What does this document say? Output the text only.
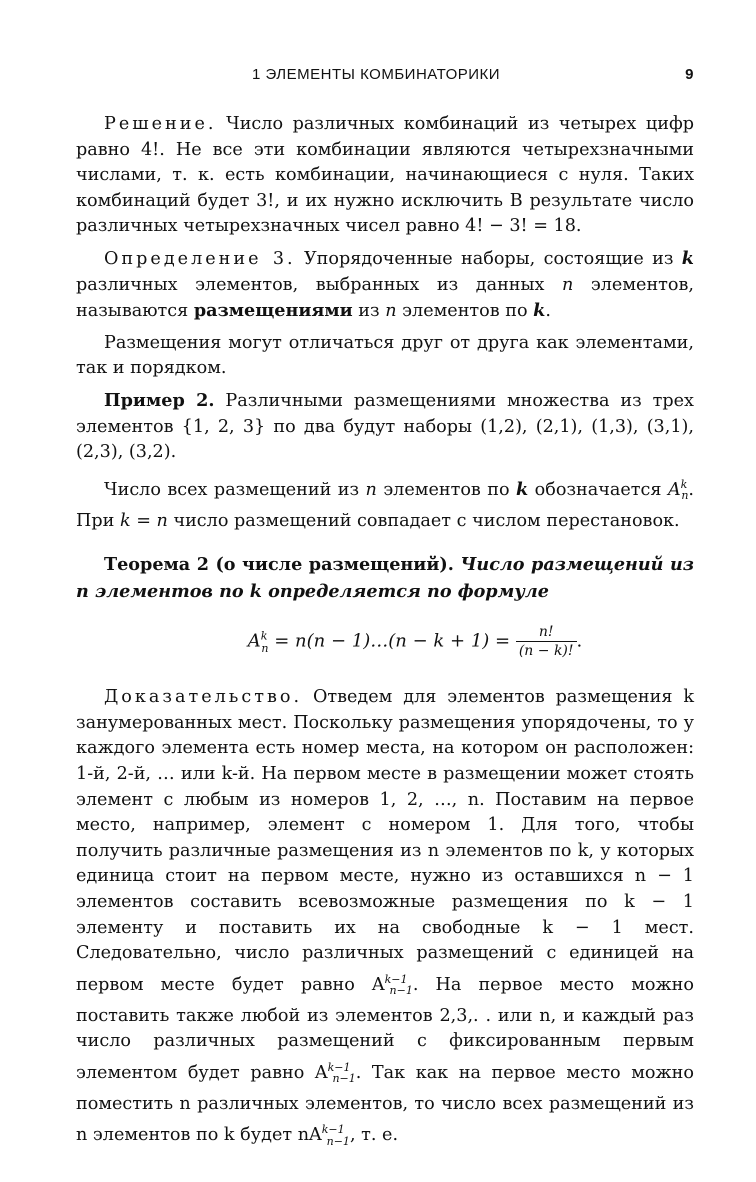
1 ЭЛЕМЕНТЫ КОМБИНАТОРИКИ	9

Решение. Число различных комбинаций из четырех цифр равно 4!. Не все эти комбинации являются четырехзначными числами, т. к. есть комбинации, начинающиеся с нуля. Таких комбинаций будет 3!, и их нужно исключить В результате число различных четырехзначных чисел равно 4! − 3! = 18.

Определение 3. Упорядоченные наборы, состоящие из k различных элементов, выбранных из данных n элементов, называются размещениями из n элементов по k.

Размещения могут отличаться друг от друга как элементами, так и порядком.

Пример 2. Различными размещениями множества из трех элементов {1, 2, 3} по два будут наборы (1,2), (2,1), (1,3), (3,1), (2,3), (3,2).

Число всех размещений из n элементов по k обозначается $A^k_n$. При k = n число размещений совпадает с числом перестановок.

Теорема 2 (о числе размещений). Число размещений из n элементов по k определяется по формуле

$A^k_n = n(n$ − 1)…(n − $k + 1) = \frac{n!}{(n - k)!}$ .

Доказательство. Отведем для элементов размещения k занумерованных мест. Поскольку размещения упорядочены, то у каждого элемента есть номер места, на котором он расположен: 1-й, 2-й, … или k-й. На первом месте в размещении может стоять элемент с любым из номеров 1, 2, …, n. Поставим на первое место, например, элемент с номером 1. Для того, чтобы получить различные размещения из n элементов по k, у которых единица стоит на первом месте, нужно из оставшихся n − 1 элементов составить всевозможные размещения по k − 1 элементу и поставить их на свободные k − 1 мест. Следовательно, число различных размещений с единицей на первом месте будет равно $A^{k-1}_{n-1}$. На первое место можно поставить также любой из элементов 2,3,. . или n, и каждый раз число различных размещений с фиксированным первым элементом будет равно $A^{k-1}_{n-1}$. Так как на первое место можно поместить n различных элементов, то число всех размещений из n элементов по k будет $nA^{k-1}_{n-1}$, т. е.
